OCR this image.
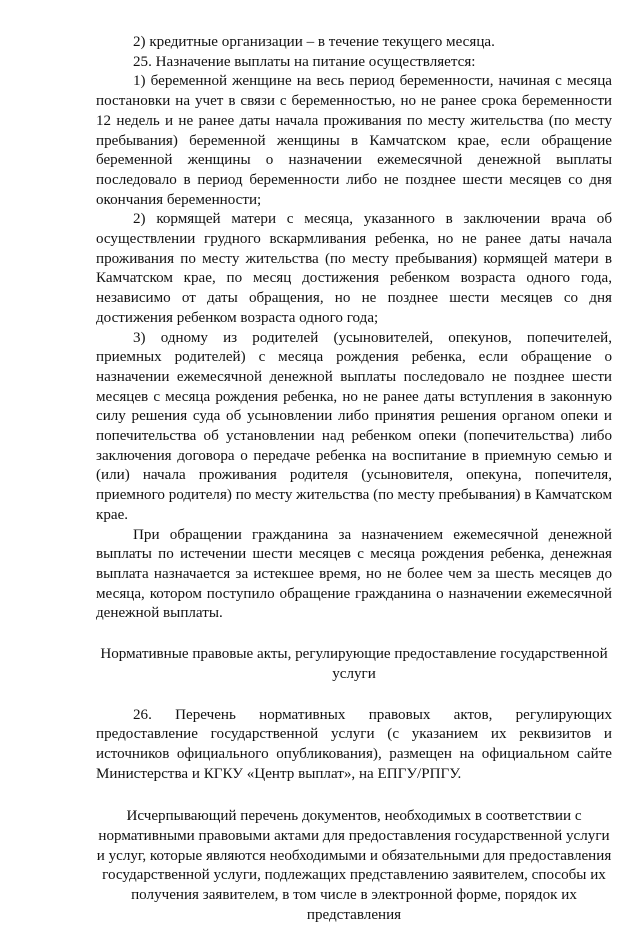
2) кредитные организации – в течение текущего месяца.

25. Назначение выплаты на питание осуществляется:

1) беременной женщине на весь период беременности, начиная с месяца постановки на учет в связи с беременностью, но не ранее срока беременности 12 недель и не ранее даты начала проживания по месту жительства (по месту пребывания) беременной женщины в Камчатском крае, если обращение беременной женщины о назначении ежемесячной денежной выплаты последовало в период беременности либо не позднее шести месяцев со дня окончания беременности;

2) кормящей матери с месяца, указанного в заключении врача об осуществлении грудного вскармливания ребенка, но не ранее даты начала проживания по месту жительства (по месту пребывания) кормящей матери в Камчатском крае, по месяц достижения ребенком возраста одного года, независимо от даты обращения, но не позднее шести месяцев со дня достижения ребенком возраста одного года;

3) одному из родителей (усыновителей, опекунов, попечителей, приемных родителей) с месяца рождения ребенка, если обращение о назначении ежемесячной денежной выплаты последовало не позднее шести месяцев с месяца рождения ребенка, но не ранее даты вступления в законную силу решения суда об усыновлении либо принятия решения органом опеки и попечительства об установлении над ребенком опеки (попечительства) либо заключения договора о передаче ребенка на воспитание в приемную семью и (или) начала проживания родителя (усыновителя, опекуна, попечителя, приемного родителя) по месту жительства (по месту пребывания) в Камчатском крае.

При обращении гражданина за назначением ежемесячной денежной выплаты по истечении шести месяцев с месяца рождения ребенка, денежная выплата назначается за истекшее время, но не более чем за шесть месяцев до месяца, котором поступило обращение гражданина о назначении ежемесячной денежной выплаты.

Нормативные правовые акты, регулирующие предоставление государственной услуги

26. Перечень нормативных правовых актов, регулирующих предоставление государственной услуги (с указанием их реквизитов и источников официального опубликования), размещен на официальном сайте Министерства и КГКУ «Центр выплат», на ЕПГУ/РПГУ.

Исчерпывающий перечень документов, необходимых в соответствии с нормативными правовыми актами для предоставления государственной услуги и услуг, которые являются необходимыми и обязательными для предоставления государственной услуги, подлежащих представлению заявителем, способы их получения заявителем, в том числе в электронной форме, порядок их представления
